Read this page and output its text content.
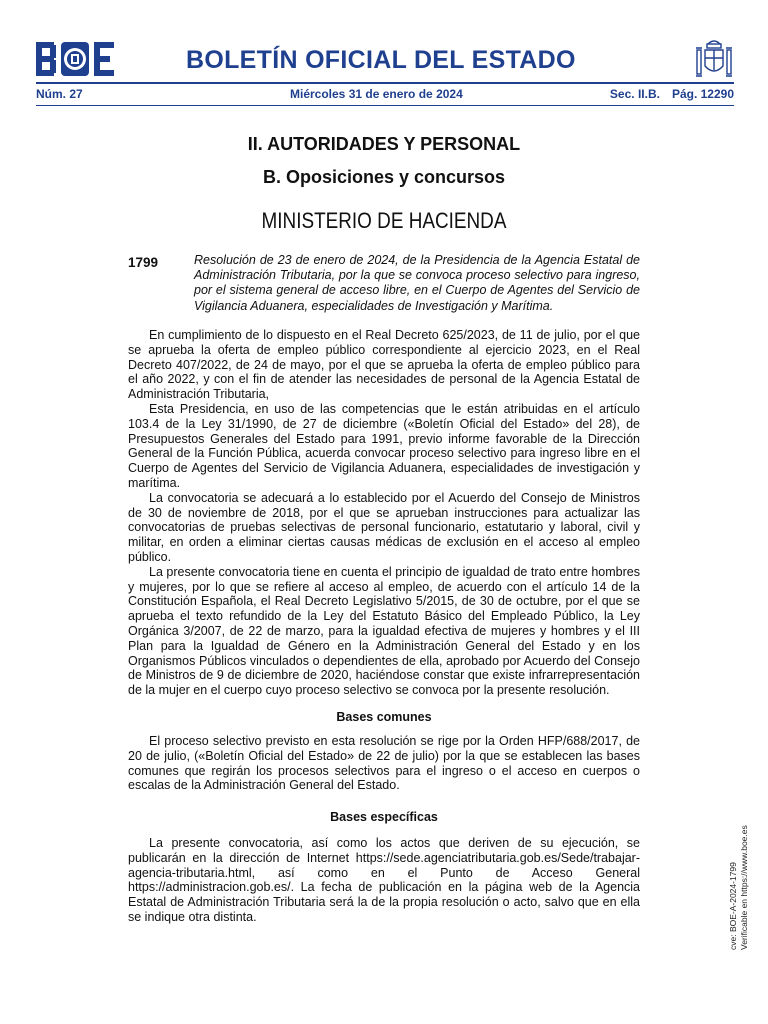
BOLETÍN OFICIAL DEL ESTADO
Núm. 27	Miércoles 31 de enero de 2024	Sec. II.B. Pág. 12290
II. AUTORIDADES Y PERSONAL
B. Oposiciones y concursos
MINISTERIO DE HACIENDA
1799	Resolución de 23 de enero de 2024, de la Presidencia de la Agencia Estatal de Administración Tributaria, por la que se convoca proceso selectivo para ingreso, por el sistema general de acceso libre, en el Cuerpo de Agentes del Servicio de Vigilancia Aduanera, especialidades de Investigación y Marítima.

En cumplimiento de lo dispuesto en el Real Decreto 625/2023, de 11 de julio, por el que se aprueba la oferta de empleo público correspondiente al ejercicio 2023, en el Real Decreto 407/2022, de 24 de mayo, por el que se aprueba la oferta de empleo público para el año 2022, y con el fin de atender las necesidades de personal de la Agencia Estatal de Administración Tributaria,

Esta Presidencia, en uso de las competencias que le están atribuidas en el artículo 103.4 de la Ley 31/1990, de 27 de diciembre («Boletín Oficial del Estado» del 28), de Presupuestos Generales del Estado para 1991, previo informe favorable de la Dirección General de la Función Pública, acuerda convocar proceso selectivo para ingreso libre en el Cuerpo de Agentes del Servicio de Vigilancia Aduanera, especialidades de investigación y marítima.

La convocatoria se adecuará a lo establecido por el Acuerdo del Consejo de Ministros de 30 de noviembre de 2018, por el que se aprueban instrucciones para actualizar las convocatorias de pruebas selectivas de personal funcionario, estatutario y laboral, civil y militar, en orden a eliminar ciertas causas médicas de exclusión en el acceso al empleo público.

La presente convocatoria tiene en cuenta el principio de igualdad de trato entre hombres y mujeres, por lo que se refiere al acceso al empleo, de acuerdo con el artículo 14 de la Constitución Española, el Real Decreto Legislativo 5/2015, de 30 de octubre, por el que se aprueba el texto refundido de la Ley del Estatuto Básico del Empleado Público, la Ley Orgánica 3/2007, de 22 de marzo, para la igualdad efectiva de mujeres y hombres y el III Plan para la Igualdad de Género en la Administración General del Estado y en los Organismos Públicos vinculados o dependientes de ella, aprobado por Acuerdo del Consejo de Ministros de 9 de diciembre de 2020, haciéndose constar que existe infrarrepresentación de la mujer en el cuerpo cuyo proceso selectivo se convoca por la presente resolución.

Bases comunes

El proceso selectivo previsto en esta resolución se rige por la Orden HFP/688/2017, de 20 de julio, («Boletín Oficial del Estado» de 22 de julio) por la que se establecen las bases comunes que regirán los procesos selectivos para el ingreso o el acceso en cuerpos o escalas de la Administración General del Estado.

Bases específicas

La presente convocatoria, así como los actos que deriven de su ejecución, se publicarán en la dirección de Internet https://sede.agenciatributaria.gob.es/Sede/trabajar-agencia-tributaria.html, así como en el Punto de Acceso General https://administracion.gob.es/. La fecha de publicación en la página web de la Agencia Estatal de Administración Tributaria será la de la propia resolución o acto, salvo que en ella se indique otra distinta.	cve: BOE-A-2024-1799 Verificable en https://www.boe.es
